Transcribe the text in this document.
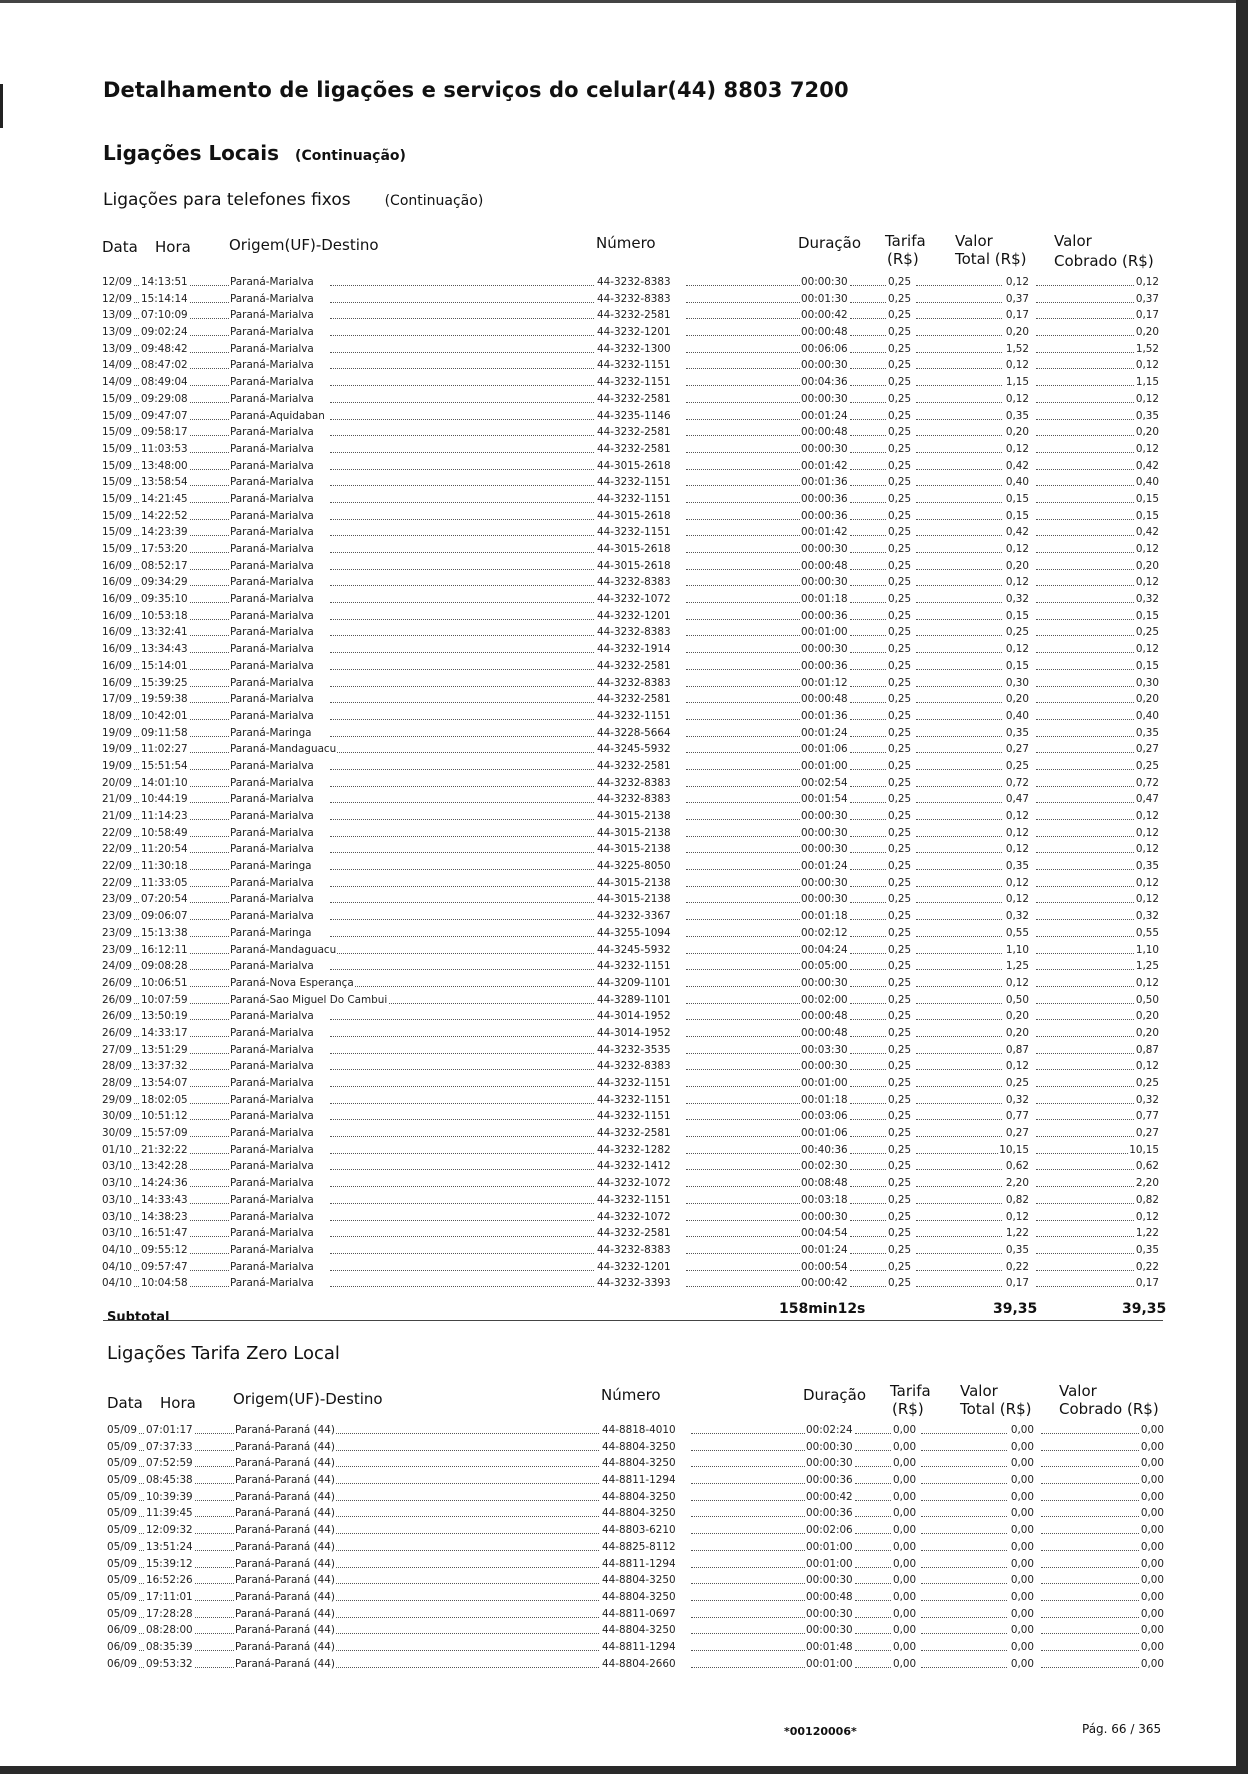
Detalhamento de ligações e serviços do celular(44) 8803 7200
Ligações Locais (Continuação)
Ligações para telefones fixos (Continuação)
Data Hora	Origem(UF)-Destino	Número	Duração Tarifa
(R$)
Valor
Total (R$)
Valor
Cobrado (R$)
12/09 14:13:51	Paraná-Marialva	44-3232-8383	00:00:30	0,25	0,12	0,12
12/09 15:14:14	Paraná-Marialva	44-3232-8383	00:01:30	0,25	0,37	0,37
13/09 07:10:09	Paraná-Marialva	44-3232-2581	00:00:42	0,25	0,17	0,17
13/09 09:02:24	Paraná-Marialva	44-3232-1201	00:00:48	0,25	0,20	0,20
13/09 09:48:42	Paraná-Marialva	44-3232-1300	00:06:06	0,25	1,52	1,52
14/09 08:47:02	Paraná-Marialva	44-3232-1151	00:00:30	0,25	0,12	0,12
14/09 08:49:04	Paraná-Marialva	44-3232-1151	00:04:36	0,25	1,15	1,15
15/09 09:29:08	Paraná-Marialva	44-3232-2581	00:00:30	0,25	0,12	0,12
15/09 09:47:07	Paraná-Aquidaban	44-3235-1146	00:01:24	0,25	0,35	0,35
15/09 09:58:17	Paraná-Marialva	44-3232-2581	00:00:48	0,25	0,20	0,20
15/09 11:03:53	Paraná-Marialva	44-3232-2581	00:00:30	0,25	0,12	0,12
15/09 13:48:00	Paraná-Marialva	44-3015-2618	00:01:42	0,25	0,42	0,42
15/09 13:58:54	Paraná-Marialva	44-3232-1151	00:01:36	0,25	0,40	0,40
15/09 14:21:45	Paraná-Marialva	44-3232-1151	00:00:36	0,25	0,15	0,15
15/09 14:22:52	Paraná-Marialva	44-3015-2618	00:00:36	0,25	0,15	0,15
15/09 14:23:39	Paraná-Marialva	44-3232-1151	00:01:42	0,25	0,42	0,42
15/09 17:53:20	Paraná-Marialva	44-3015-2618	00:00:30	0,25	0,12	0,12
16/09 08:52:17	Paraná-Marialva	44-3015-2618	00:00:48	0,25	0,20	0,20
16/09 09:34:29	Paraná-Marialva	44-3232-8383	00:00:30	0,25	0,12	0,12
16/09 09:35:10	Paraná-Marialva	44-3232-1072	00:01:18	0,25	0,32	0,32
16/09 10:53:18	Paraná-Marialva	44-3232-1201	00:00:36	0,25	0,15	0,15
16/09 13:32:41	Paraná-Marialva	44-3232-8383	00:01:00	0,25	0,25	0,25
16/09 13:34:43	Paraná-Marialva	44-3232-1914	00:00:30	0,25	0,12	0,12
16/09 15:14:01	Paraná-Marialva	44-3232-2581	00:00:36	0,25	0,15	0,15
16/09 15:39:25	Paraná-Marialva	44-3232-8383	00:01:12	0,25	0,30	0,30
17/09 19:59:38	Paraná-Marialva	44-3232-2581	00:00:48	0,25	0,20	0,20
18/09 10:42:01	Paraná-Marialva	44-3232-1151	00:01:36	0,25	0,40	0,40
19/09 09:11:58	Paraná-Maringa	44-3228-5664	00:01:24	0,25	0,35	0,35
19/09 11:02:27	Paraná-Mandaguacu	44-3245-5932	00:01:06	0,25	0,27	0,27
19/09 15:51:54	Paraná-Marialva	44-3232-2581	00:01:00	0,25	0,25	0,25
20/09 14:01:10	Paraná-Marialva	44-3232-8383	00:02:54	0,25	0,72	0,72
21/09 10:44:19	Paraná-Marialva	44-3232-8383	00:01:54	0,25	0,47	0,47
21/09 11:14:23	Paraná-Marialva	44-3015-2138	00:00:30	0,25	0,12	0,12
22/09 10:58:49	Paraná-Marialva	44-3015-2138	00:00:30	0,25	0,12	0,12
22/09 11:20:54	Paraná-Marialva	44-3015-2138	00:00:30	0,25	0,12	0,12
22/09 11:30:18	Paraná-Maringa	44-3225-8050	00:01:24	0,25	0,35	0,35
22/09 11:33:05	Paraná-Marialva	44-3015-2138	00:00:30	0,25	0,12	0,12
23/09 07:20:54	Paraná-Marialva	44-3015-2138	00:00:30	0,25	0,12	0,12
23/09 09:06:07	Paraná-Marialva	44-3232-3367	00:01:18	0,25	0,32	0,32
23/09 15:13:38	Paraná-Maringa	44-3255-1094	00:02:12	0,25	0,55	0,55
23/09 16:12:11	Paraná-Mandaguacu	44-3245-5932	00:04:24	0,25	1,10	1,10
24/09 09:08:28	Paraná-Marialva	44-3232-1151	00:05:00	0,25	1,25	1,25
26/09 10:06:51	Paraná-Nova Esperança	44-3209-1101	00:00:30	0,25	0,12	0,12
26/09 10:07:59	Paraná-Sao Miguel Do Cambui	44-3289-1101	00:02:00	0,25	0,50	0,50
26/09 13:50:19	Paraná-Marialva	44-3014-1952	00:00:48	0,25	0,20	0,20
26/09 14:33:17	Paraná-Marialva	44-3014-1952	00:00:48	0,25	0,20	0,20
27/09 13:51:29	Paraná-Marialva	44-3232-3535	00:03:30	0,25	0,87	0,87
28/09 13:37:32	Paraná-Marialva	44-3232-8383	00:00:30	0,25	0,12	0,12
28/09 13:54:07	Paraná-Marialva	44-3232-1151	00:01:00	0,25	0,25	0,25
29/09 18:02:05	Paraná-Marialva	44-3232-1151	00:01:18	0,25	0,32	0,32
30/09 10:51:12	Paraná-Marialva	44-3232-1151	00:03:06	0,25	0,77	0,77
30/09 15:57:09	Paraná-Marialva	44-3232-2581	00:01:06	0,25	0,27	0,27
01/10 21:32:22	Paraná-Marialva	44-3232-1282	00:40:36	0,25	10,15	10,15
03/10 13:42:28	Paraná-Marialva	44-3232-1412	00:02:30	0,25	0,62	0,62
03/10 14:24:36	Paraná-Marialva	44-3232-1072	00:08:48	0,25	2,20	2,20
03/10 14:33:43	Paraná-Marialva	44-3232-1151	00:03:18	0,25	0,82	0,82
03/10 14:38:23	Paraná-Marialva	44-3232-1072	00:00:30	0,25	0,12	0,12
03/10 16:51:47	Paraná-Marialva	44-3232-2581	00:04:54	0,25	1,22	1,22
04/10 09:55:12	Paraná-Marialva	44-3232-8383	00:01:24	0,25	0,35	0,35
04/10 09:57:47	Paraná-Marialva	44-3232-1201	00:00:54	0,25	0,22	0,22
04/10 10:04:58	Paraná-Marialva	44-3232-3393	00:00:42	0,25	0,17	0,17
Subtotal
158min12s	39,35	39,35
Ligações Tarifa Zero Local
Data Hora Origem(UF)-Destino	Número	Duração Tarifa
(R$)
Valor
Total (R$)
Valor
Cobrado (R$)
05/09 07:01:17	Paraná-Paraná (44)	44-8818-4010	00:02:24	0,00	0,00	0,00
05/09 07:37:33	Paraná-Paraná (44)	44-8804-3250	00:00:30	0,00	0,00	0,00
05/09 07:52:59	Paraná-Paraná (44)	44-8804-3250	00:00:30	0,00	0,00	0,00
05/09 08:45:38	Paraná-Paraná (44)	44-8811-1294	00:00:36	0,00	0,00	0,00
05/09 10:39:39	Paraná-Paraná (44)	44-8804-3250	00:00:42	0,00	0,00	0,00
05/09 11:39:45	Paraná-Paraná (44)	44-8804-3250	00:00:36	0,00	0,00	0,00
05/09 12:09:32	Paraná-Paraná (44)	44-8803-6210	00:02:06	0,00	0,00	0,00
05/09 13:51:24	Paraná-Paraná (44)	44-8825-8112	00:01:00	0,00	0,00	0,00
05/09 15:39:12	Paraná-Paraná (44)	44-8811-1294	00:01:00	0,00	0,00	0,00
05/09 16:52:26	Paraná-Paraná (44)	44-8804-3250	00:00:30	0,00	0,00	0,00
05/09 17:11:01	Paraná-Paraná (44)	44-8804-3250	00:00:48	0,00	0,00	0,00
05/09 17:28:28	Paraná-Paraná (44)	44-8811-0697	00:00:30	0,00	0,00	0,00
06/09 08:28:00	Paraná-Paraná (44)	44-8804-3250	00:00:30	0,00	0,00	0,00
06/09 08:35:39	Paraná-Paraná (44)	44-8811-1294	00:01:48	0,00	0,00	0,00
06/09 09:53:32	Paraná-Paraná (44)	44-8804-2660	00:01:00	0,00	0,00	0,00
*00120006*	Pág. 66 / 365
